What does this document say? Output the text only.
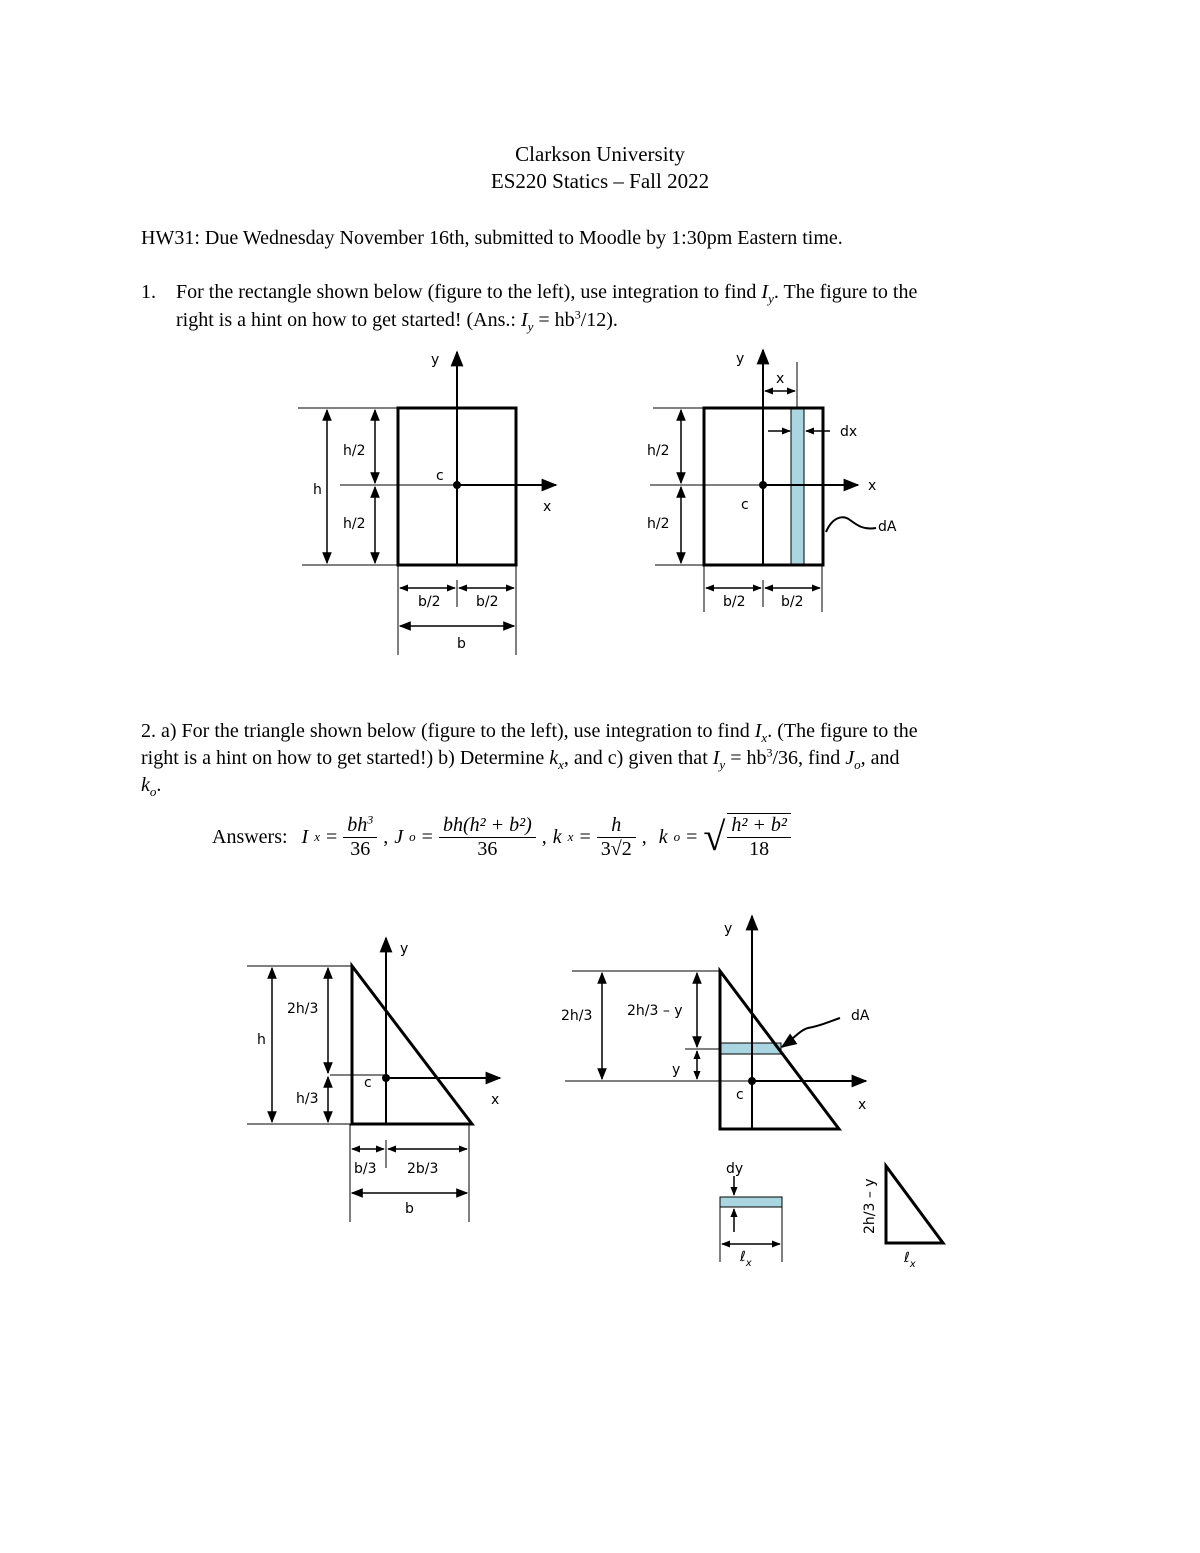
Clarkson University
ES220 Statics – Fall 2022
HW31: Due Wednesday November 16th, submitted to Moodle by 1:30pm Eastern time.
1. For the rectangle shown below (figure to the left), use integration to find $I_y$. The figure to the
right is a hint on how to get started! (Ans.: $I_y = hb^3/12$).
y
x
c
h
h/2
h/2
b/2	b/2
b
y
x
c
x
dx
dA
h/2
h/2
b/2	b/2
2. a) For the triangle shown below (figure to the left), use integration to find $I_x$. (The figure to the
right is a hint on how to get started!) b) Determine $k_x$, and c) given that $I_y = hb^3/36$, find $J_o$, and
$k_o$.
Answers: I $x = \frac{bh^3}{36}$ , J $o = \frac{\text{bh(h² + b²)}}{36}$ , k $x = \frac{h}{3√2}$ , k o = √ $\frac{\text{h² + b²}}{18}$
y
x
c
h
2h/3
h/3
b/3 2b/3
b
y
x
c
2h/3 2h/3 – y
y
dA
dy
ℓ$_x$
2h/3 – y
ℓ$_x$
